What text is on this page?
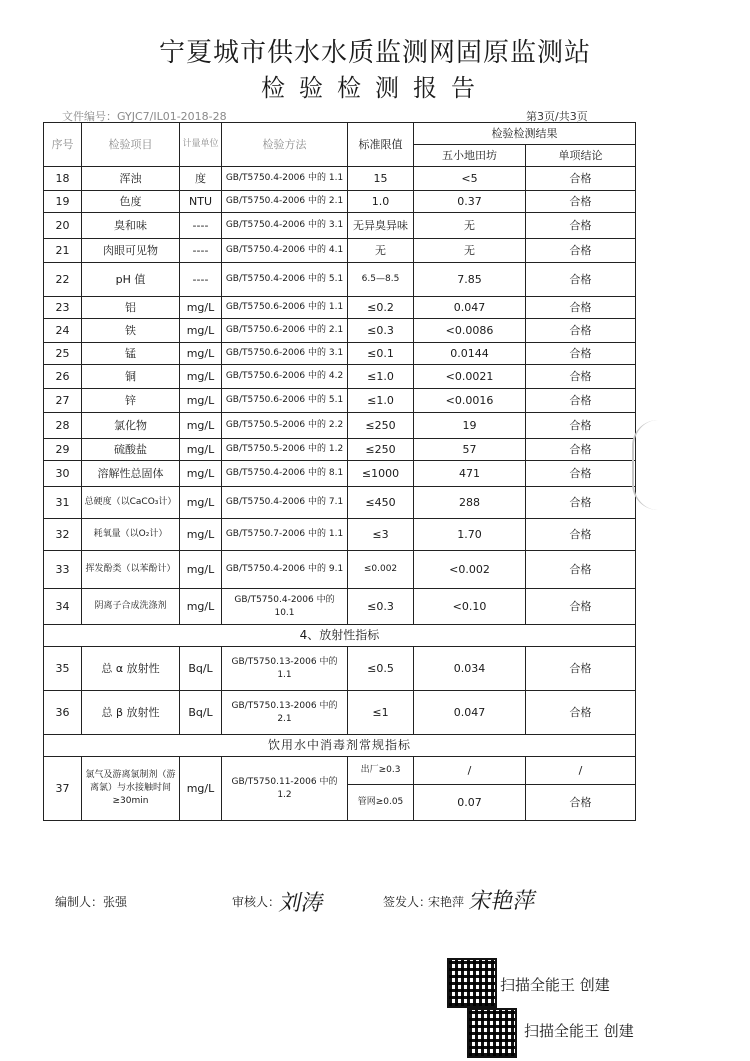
宁夏城市供水水质监测网固原监测站
检验检测报告
文件编号：GYJC7/IL01-2018-28	第3页/共3页
序号	检验项目	计量单位	检验方法	标准限值	检验检测结果	
					五小地田坊	单项结论
18	浑浊	度	GB/T5750.4-2006 中的 1.1	15	<5	合格
19	色度	NTU	GB/T5750.4-2006 中的 2.1	1.0	0.37	合格
20	臭和味	----	GB/T5750.4-2006 中的 3.1	无异臭异味	无	合格
21	肉眼可见物	----	GB/T5750.4-2006 中的 4.1	无	无	合格
22	pH 值	----	GB/T5750.4-2006 中的 5.1	6.5—8.5	7.85	合格
23	铝	mg/L	GB/T5750.6-2006 中的 1.1	≤0.2	0.047	合格
24	铁	mg/L	GB/T5750.6-2006 中的 2.1	≤0.3	<0.0086	合格
25	锰	mg/L	GB/T5750.6-2006 中的 3.1	≤0.1	0.0144	合格
26	铜	mg/L	GB/T5750.6-2006 中的 4.2	≤1.0	<0.0021	合格
27	锌	mg/L	GB/T5750.6-2006 中的 5.1	≤1.0	<0.0016	合格
28	氯化物	mg/L	GB/T5750.5-2006 中的 2.2	≤250	19	合格
29	硫酸盐	mg/L	GB/T5750.5-2006 中的 1.2	≤250	57	合格
30	溶解性总固体	mg/L	GB/T5750.4-2006 中的 8.1	≤1000	471	合格
31	总硬度（以CaCO₃计）	mg/L	GB/T5750.4-2006 中的 7.1	≤450	288	合格
32	耗氧量（以O₂计）	mg/L	GB/T5750.7-2006 中的 1.1	≤3	1.70	合格
33	挥发酚类（以苯酚计）	mg/L	GB/T5750.4-2006 中的 9.1	≤0.002	<0.002	合格
34	阴离子合成洗涤剂	mg/L	GB/T5750.4-2006 中的 10.1	≤0.3	<0.10	合格
4、放射性指标						
35	总 α 放射性	Bq/L	GB/T5750.13-2006 中的 1.1	≤0.5	0.034	合格
36	总 β 放射性	Bq/L	GB/T5750.13-2006 中的 2.1	≤1	0.047	合格
饮用水中消毒剂常规指标						
37	氯气及游离氯制剂（游离氯）与水接触时间≥30min	mg/L	GB/T5750.11-2006 中的 1.2	出厂≥0.3	/	/
				管网≥0.05	0.07	合格
编制人： 张强	审核人：
刘涛	签发人：
宋艳萍 宋艳萍
扫描全能王 创建
扫描全能王 创建
